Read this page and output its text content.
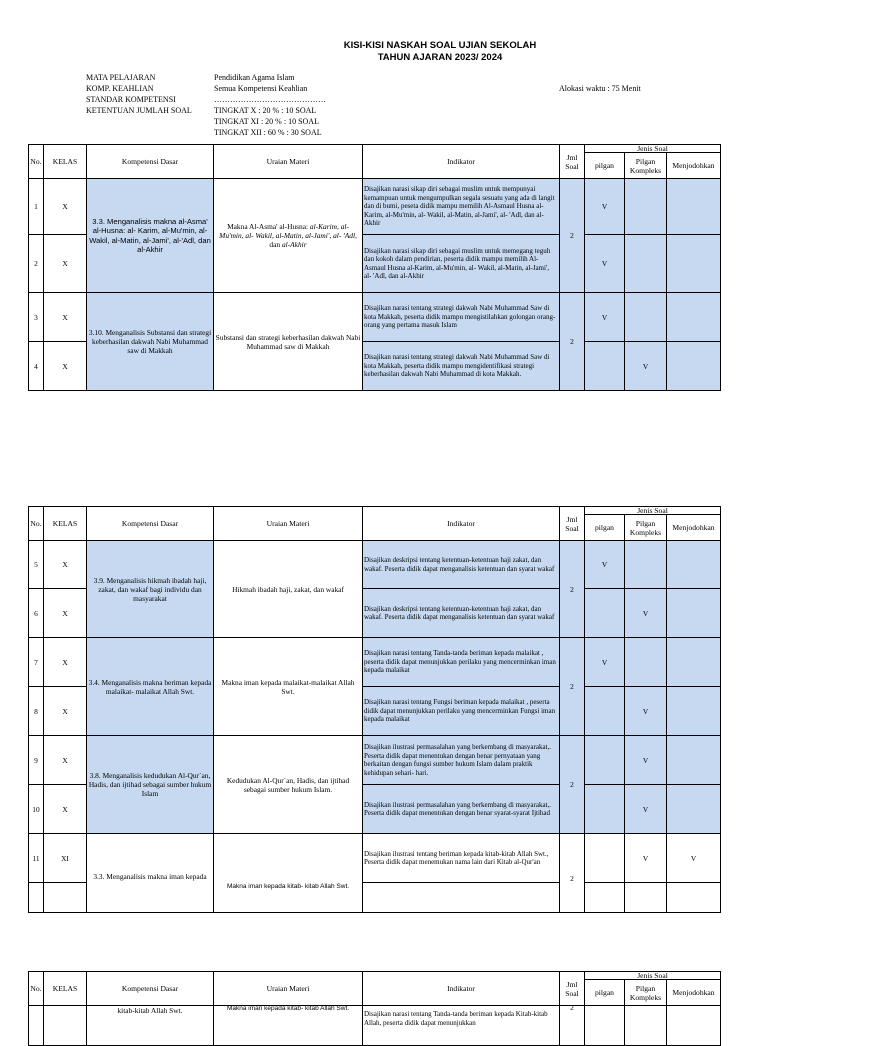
KISI-KISI NASKAH SOAL UJIAN SEKOLAH
TAHUN AJARAN 2023/ 2024
MATA PELAJARAN
KOMP. KEAHLIAN
STANDAR KOMPETENSI
KETENTUAN JUMLAH SOAL
Pendidikan Agama Islam
Semua Kompetensi Keahlian
……………………………………
TINGKAT X : 20 % : 10 SOAL
TINGKAT XI : 20 % : 10 SOAL
TINGKAT XII : 60 % : 30 SOAL
Alokasi waktu : 75 Menit
No.	KELAS	Kompetensi Dasar	Uraian Materi	Indikator	Jml Soal	Jenis Soal		
						pilgan	Pilgan Kompleks	Menjodohkan
1	X	3.3. Menganalisis makna al-Asma' al-Husna: al- Karim, al-Mu'min, al-Wakil, al-Matin, al-Jami', al-'Adl, dan al-Akhir	Makna Al-Asma' al-Husna: al-Karim, al-Mu'min, al- Wakil, al-Matin, al-Jami', al- 'Adl, dan al-Akhir	Disajikan narasi sikap diri sebagai muslim untuk mempunyai kemampuan untuk mengumpulkan segala sesuatu yang ada di langit dan di bumi, peseta didik mampu memilih Al-Asmaul Husna al-Karim, al-Mu'min, al- Wakil, al-Matin, al-Jami', al- 'Adl, dan al-Akhir	2	V		
2	X			Disajikan narasi sikap diri sebagai muslim untuk memegang teguh dan kokoh dalam pendirian, peserta didik mampu memilih Al-Asmaul Husna al-Karim, al-Mu'min, al- Wakil, al-Matin, al-Jami', al- 'Adl, dan al-Akhir		V		
3	X	3.10. Menganalisis Substansi dan strategi keberhasilan dakwah Nabi Muhammad saw di Makkah	Substansi dan strategi keberhasilan dakwah Nabi Muhammad saw di Makkah	Disajikan narasi tentang strategi dakwah Nabi Muhammad Saw di kota Makkah, peserta didik mampu mengistilahkan golongan orang-orang yang pertama masuk Islam	2	V		
4	X			Disajikan narasi tentang strategi dakwah Nabi Muhammad Saw di kota Makkah, peserta didik mampu mengidentifikasi strategi keberhasilan dakwah Nabi Muhammad di kota Makkah.			V	
No.	KELAS	Kompetensi Dasar	Uraian Materi	Indikator	Jml Soal	Jenis Soal		
						pilgan	Pilgan Kompleks	Menjodohkan
5	X	3.9. Menganalisis hikmah ibadah haji, zakat, dan wakaf bagi individu dan masyarakat	Hikmah ibadah haji, zakat, dan wakaf	Disajikan deskripsi tentang ketentuan-ketentuan haji zakat, dan wakaf. Peserta didik dapat menganalisis ketentuan dan syarat wakaf	2	V		
6	X			Disajikan deskripsi tentang ketentuan-ketentuan haji zakat, dan wakaf. Peserta didik dapat menganalisis ketentuan dan syarat wakaf			V	
7	X	3.4. Menganalisis makna beriman kepada malaikat- malaikat Allah Swt.	Makna iman kepada malaikat-malaikat Allah Swt.	Disajikan narasi tentang Tanda-tanda beriman kepada malaikat , peserta didik dapat menunjukkan perilaku yang mencerminkan iman kepada malaikat	2	V		
8	X			Disajikan narasi tentang Fungsi beriman kepada malaikat , peserta didik dapat menunjukkan perilaku yang mencerminkan Fungsi iman kepada malaikat			V	
9	X	3.8. Menganalisis kedudukan Al-Qur`an, Hadis, dan ijtihad sebagai sumber hukum Islam	Kedudukan Al-Qur`an, Hadis, dan ijtihad sebagai sumber hukum Islam.	Disajikan ilustrasi permasalahan yang berkembang di masyarakat,. Peserta didik dapat menentukan dengan benar pernyataan yang berkaitan dengan fungsi sumber hukum Islam dalam praktik kehidupan sehari- hari.	2		V	
10	X			Disajikan ilustrasi permasalahan yang berkembang di masyarakat,. Peserta didik dapat menentukan dengan benar syarat-syarat Ijtihad			V	
11	XI	3.3. Menganalisis makna iman kepada	Makna iman kepada kitab- kitab Allah Swt.	Disajikan ilustrasi tentang beriman kepada kitab-kitab Allah Swt., Peserta didik dapat menemukan nama lain dari Kitab al-Qur'an	2		V	V

No.	KELAS	Kompetensi Dasar	Uraian Materi	Indikator	Jml Soal	Jenis Soal		
						pilgan	Pilgan Kompleks	Menjodohkan
		kitab-kitab Allah Swt.	Makna iman kepada kitab- kitab Allah Swt.	Disajikan narasi tentang Tanda-tanda beriman kepada Kitab-kitab Allah, peserta didik dapat menunjukkan	2			
